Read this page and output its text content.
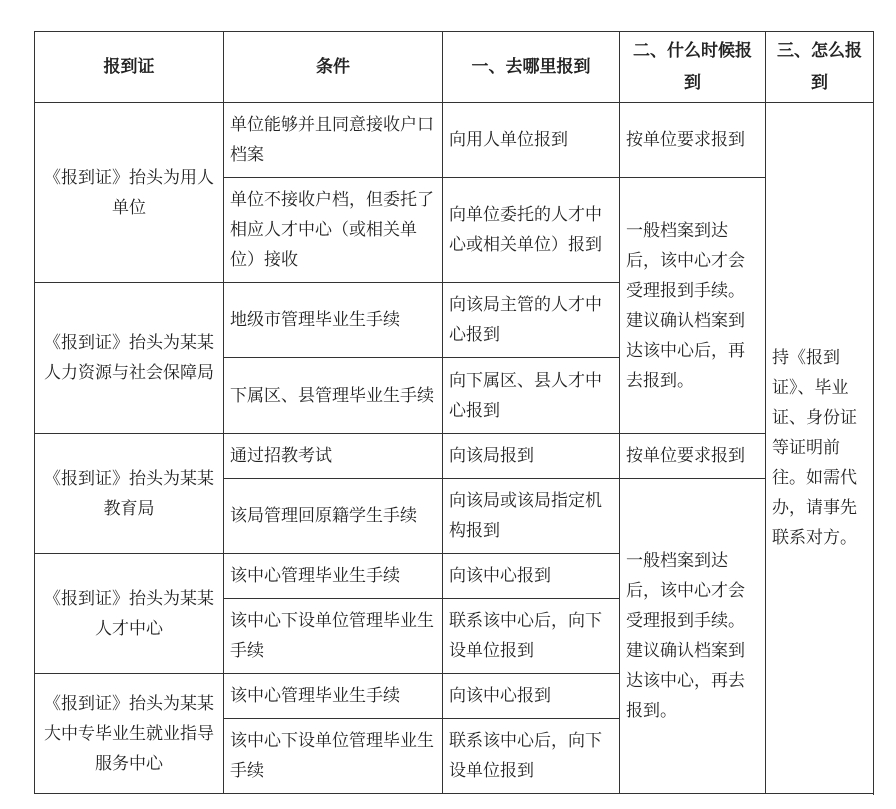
报到证	条件	一、去哪里报到	二、什么时候报到	三、怎么报到
《报到证》抬头为用人单位	单位能够并且同意接收户口档案	向用人单位报到	按单位要求报到	持《报到证》、毕业证、身份证等证明前往。如需代办，请事先联系对方。
	单位不接收户档，但委托了相应人才中心（或相关单位）接收	向单位委托的人才中心或相关单位）报到	一般档案到达后，该中心才会受理报到手续。建议确认档案到达该中心后，再去报到。	
《报到证》抬头为某某人力资源与社会保障局	地级市管理毕业生手续	向该局主管的人才中心报到		
	下属区、县管理毕业生手续	向下属区、县人才中心报到		
《报到证》抬头为某某教育局	通过招教考试	向该局报到	按单位要求报到	
	该局管理回原籍学生手续	向该局或该局指定机构报到	一般档案到达后，该中心才会受理报到手续。建议确认档案到达该中心，再去报到。	
《报到证》抬头为某某人才中心	该中心管理毕业生手续	向该中心报到		
	该中心下设单位管理毕业生手续	联系该中心后，向下设单位报到		
《报到证》抬头为某某大中专毕业生就业指导服务中心	该中心管理毕业生手续	向该中心报到		
	该中心下设单位管理毕业生手续	联系该中心后，向下设单位报到		
